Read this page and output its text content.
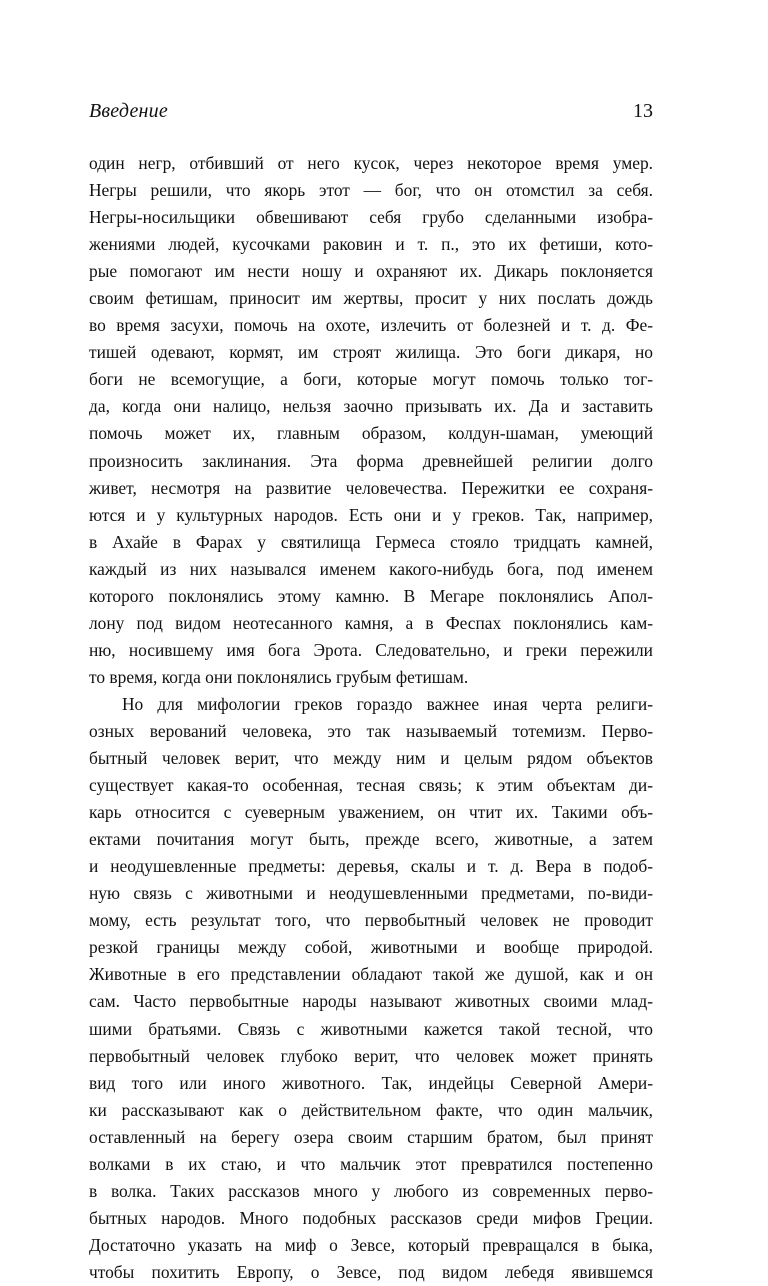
Введение	13
один негр, отбивший от него кусок, через некоторое время умер.
Негры решили, что якорь этот — бог, что он отомстил за себя.
Негры-носильщики обвешивают себя грубо сделанными изобра-
жениями людей, кусочками раковин и т. п., это их фетиши, кото-
рые помогают им нести ношу и охраняют их. Дикарь поклоняется
своим фетишам, приносит им жертвы, просит у них послать дождь
во время засухи, помочь на охоте, излечить от болезней и т. д. Фе-
тишей одевают, кормят, им строят жилища. Это боги дикаря, но
боги не всемогущие, а боги, которые могут помочь только тог-
да, когда они налицо, нельзя заочно призывать их. Да и заставить
помочь может их, главным образом, колдун-шаман, умеющий
произносить заклинания. Эта форма древнейшей религии долго
живет, несмотря на развитие человечества. Пережитки ее сохраня-
ются и у культурных народов. Есть они и у греков. Так, например,
в Ахайе в Фарах у святилища Гермеса стояло тридцать камней,
каждый из них назывался именем какого-нибудь бога, под именем
которого поклонялись этому камню. В Мегаре поклонялись Апол-
лону под видом неотесанного камня, а в Феспах поклонялись кам-
ню, носившему имя бога Эрота. Следовательно, и греки пережили
то время, когда они поклонялись грубым фетишам.
Но для мифологии греков гораздо важнее иная черта религи-
озных верований человека, это так называемый тотемизм. Перво-
бытный человек верит, что между ним и целым рядом объектов
существует какая-то особенная, тесная связь; к этим объектам ди-
карь относится с суеверным уважением, он чтит их. Такими объ-
ектами почитания могут быть, прежде всего, животные, а затем
и неодушевленные предметы: деревья, скалы и т. д. Вера в подоб-
ную связь с животными и неодушевленными предметами, по-види-
мому, есть результат того, что первобытный человек не проводит
резкой границы между собой, животными и вообще природой.
Животные в его представлении обладают такой же душой, как и он
сам. Часто первобытные народы называют животных своими млад-
шими братьями. Связь с животными кажется такой тесной, что
первобытный человек глубоко верит, что человек может принять
вид того или иного животного. Так, индейцы Северной Амери-
ки рассказывают как о действительном факте, что один мальчик,
оставленный на берегу озера своим старшим братом, был принят
волками в их стаю, и что мальчик этот превратился постепенно
в волка. Таких рассказов много у любого из современных перво-
бытных народов. Много подобных рассказов среди мифов Греции.
Достаточно указать на миф о Зевсе, который превращался в быка,
чтобы похитить Европу, о Зевсе, под видом лебедя явившемся
